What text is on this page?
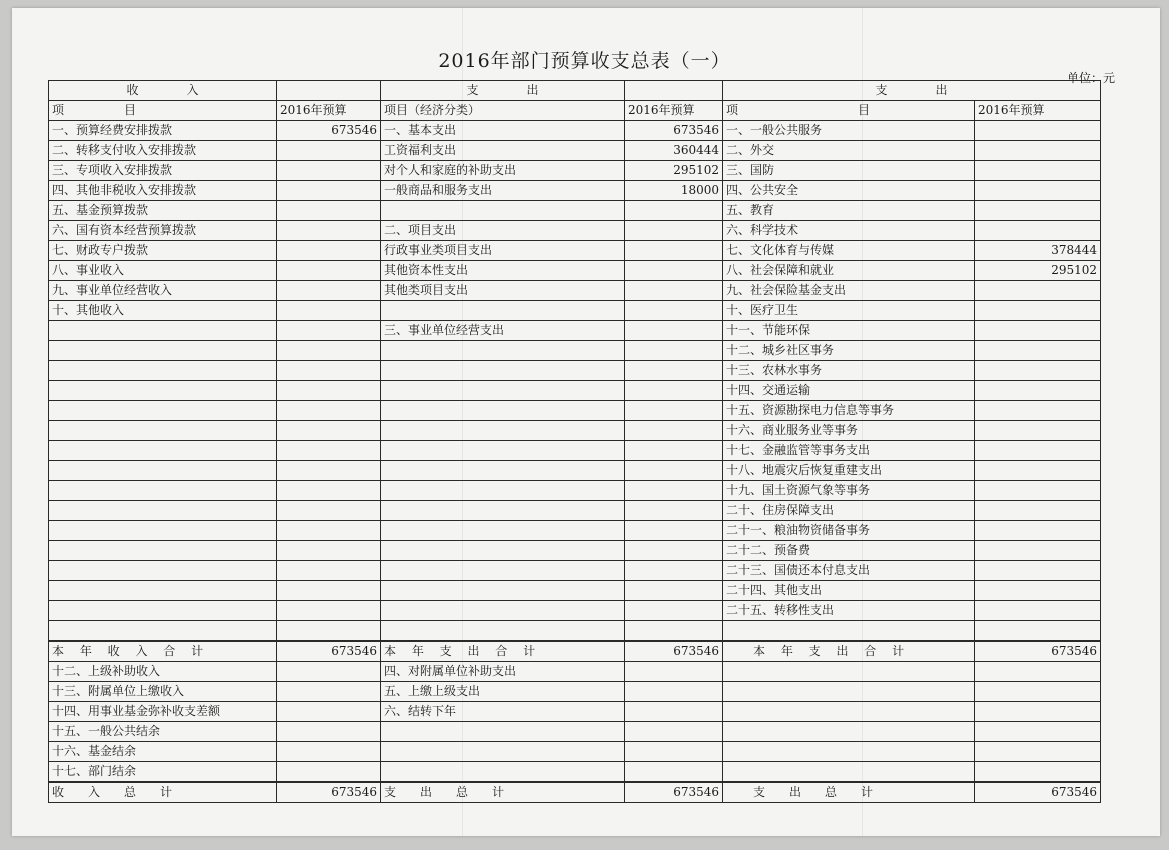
2016年部门预算收支总表（一）
单位：元
收　　　　入		支　　　　出		支　　　　出	
项　　　　　目	2016年预算	项目（经济分类）	2016年预算	项　　　　　　　　　　目	2016年预算
一、预算经费安排拨款	673546	一、基本支出	673546	一、一般公共服务	
二、转移支付收入安排拨款		工资福利支出	360444	二、外交	
三、专项收入安排拨款		对个人和家庭的补助支出	295102	三、国防	
四、其他非税收入安排拨款		一般商品和服务支出	18000	四、公共安全	
五、基金预算拨款				五、教育	
六、国有资本经营预算拨款		二、项目支出		六、科学技术	
七、财政专户拨款		行政事业类项目支出		七、文化体育与传媒	378444
八、事业收入		其他资本性支出		八、社会保障和就业	295102
九、事业单位经营收入		其他类项目支出		九、社会保险基金支出	
十、其他收入				十、医疗卫生	
		三、事业单位经营支出		十一、节能环保	
				十二、城乡社区事务	
				十三、农林水事务	
				十四、交通运输	
				十五、资源勘探电力信息等事务	
				十六、商业服务业等事务	
				十七、金融监管等事务支出	
				十八、地震灾后恢复重建支出	
				十九、国土资源气象等事务	
				二十、住房保障支出	
				二十一、粮油物资储备事务	
				二十二、预备费	
				二十三、国债还本付息支出	
				二十四、其他支出	
				二十五、转移性支出	

本 年 收 入 合 计	673546	本 年 支 出 合 计	673546	本 年 支 出 合 计	673546
十二、上级补助收入		四、对附属单位补助支出			
十三、附属单位上缴收入		五、上缴上级支出			
十四、用事业基金弥补收支差额		六、结转下年			
十五、一般公共结余					
十六、基金结余					
十七、部门结余					
收　　入　　总　　计	673546	支　　出　　总　　计	673546	支　　出　　总　　计	673546
